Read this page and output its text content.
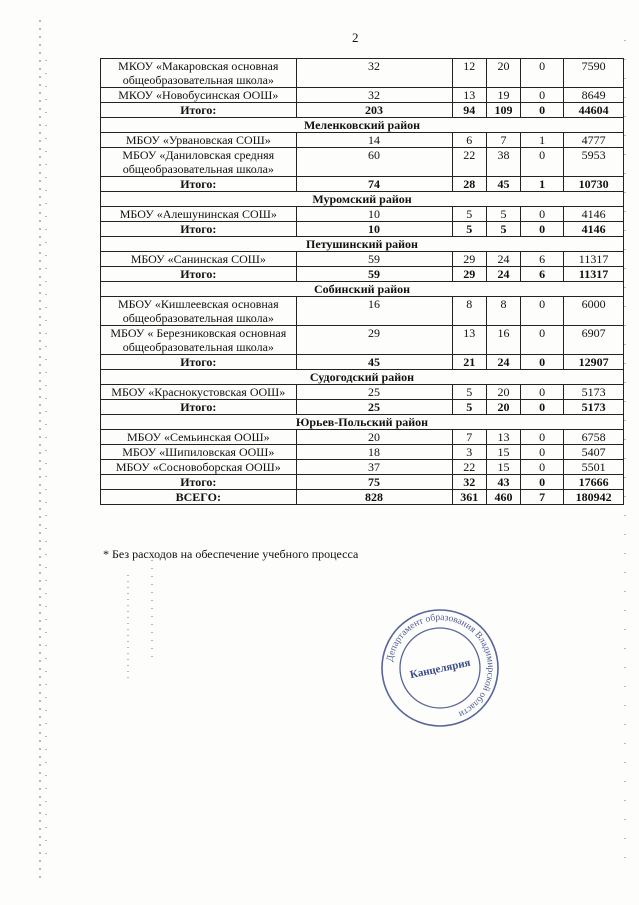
2
МКОУ «Макаровская основная общеобразовательная школа»	32	12	20	0	7590
МКОУ «Новобусинская ООШ»	32	13	19	0	8649
Итого:	203	94	109	0	44604
Меленковский район					
МБОУ «Урвановская СОШ»	14	6	7	1	4777
МБОУ «Даниловская средняя общеобразовательная школа»	60	22	38	0	5953
Итого:	74	28	45	1	10730
Муромский район					
МБОУ «Алешунинская СОШ»	10	5	5	0	4146
Итого:	10	5	5	0	4146
Петушинский район					
МБОУ «Санинская СОШ»	59	29	24	6	11317
Итого:	59	29	24	6	11317
Собинский район					
МБОУ «Кишлеевская основная общеобразовательная школа»	16	8	8	0	6000
МБОУ « Березниковская основная общеобразовательная школа»	29	13	16	0	6907
Итого:	45	21	24	0	12907
Судогодский район					
МБОУ «Краснокустовская ООШ»	25	5	20	0	5173
Итого:	25	5	20	0	5173
Юрьев-Польский район					
МБОУ «Семьинская ООШ»	20	7	13	0	6758
МБОУ «Шипиловская ООШ»	18	3	15	0	5407
МБОУ «Сосновоборская ООШ»	37	22	15	0	5501
Итого:	75	32	43	0	17666
ВСЕГО:	828	361	460	7	180942
* Без расходов на обеспечение учебного процесса
Департамент образования Владимирской области
Канцелярия
